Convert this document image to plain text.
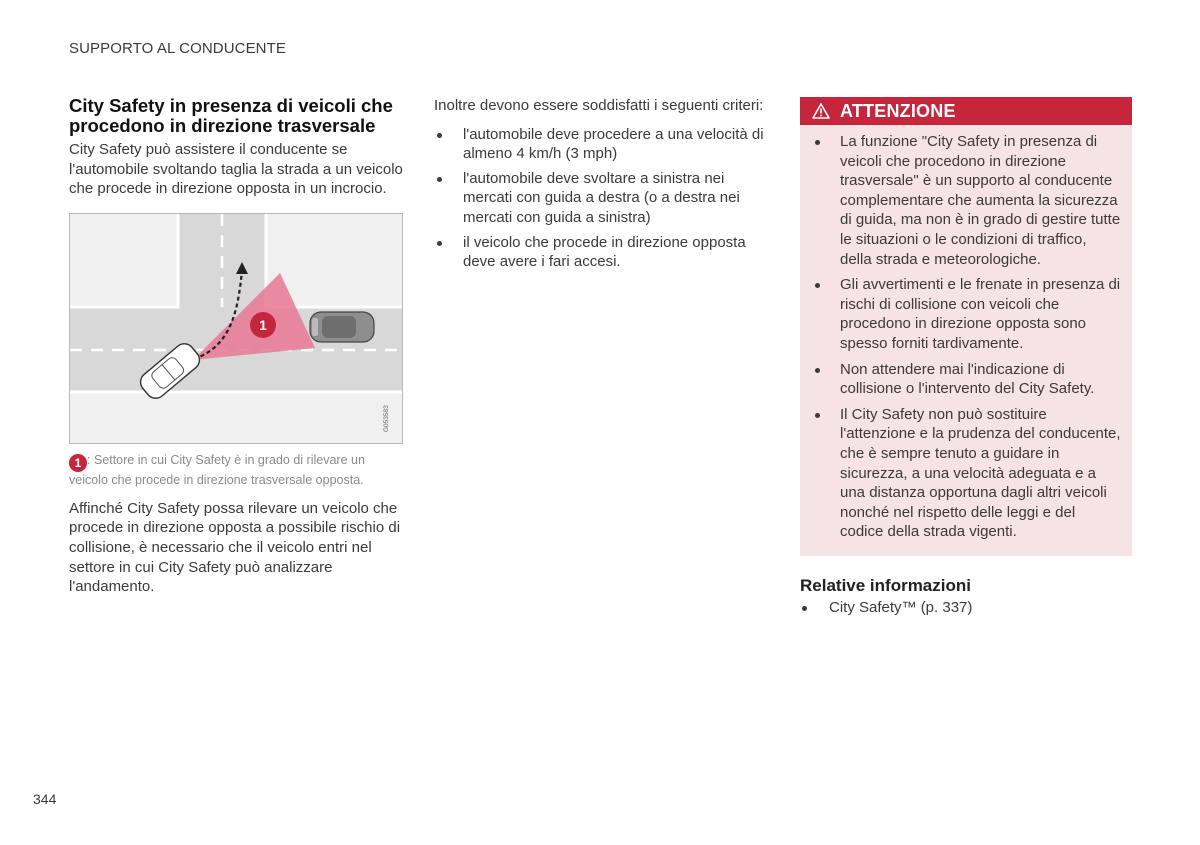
SUPPORTO AL CONDUCENTE
City Safety in presenza di veicoli che procedono in direzione trasversale

City Safety può assistere il conducente se l'automobile svoltando taglia la strada a un veicolo che procede in direzione opposta in un incrocio.

1
G053583
1 : Settore in cui City Safety è in grado di rilevare un veicolo che procede in direzione trasversale opposta.

Affinché City Safety possa rilevare un veicolo che procede in direzione opposta a possibile rischio di collisione, è necessario che il veicolo entri nel settore in cui City Safety può analizzare l'andamento.

Inoltre devono essere soddisfatti i seguenti criteri:

l'automobile deve procedere a una velocità di almeno 4 km/h (3 mph)
l'automobile deve svoltare a sinistra nei mercati con guida a destra (o a destra nei mercati con guida a sinistra)
il veicolo che procede in direzione opposta deve avere i fari accesi.
ATTENZIONE
La funzione "City Safety in presenza di veicoli che procedono in direzione trasversale" è un supporto al conducente complementare che aumenta la sicurezza di guida, ma non è in grado di gestire tutte le situazioni o le condizioni di traffico, della strada e meteorologiche.
Gli avvertimenti e le frenate in presenza di rischi di collisione con veicoli che procedono in direzione opposta sono spesso forniti tardivamente.
Non attendere mai l'indicazione di collisione o l'intervento del City Safety.
Il City Safety non può sostituire l'attenzione e la prudenza del conducente, che è sempre tenuto a guidare in sicurezza, a una velocità adeguata e a una distanza opportuna dagli altri veicoli nonché nel rispetto delle leggi e del codice della strada vigenti.
Relative informazioni
City Safety™ (p. 337)
344
